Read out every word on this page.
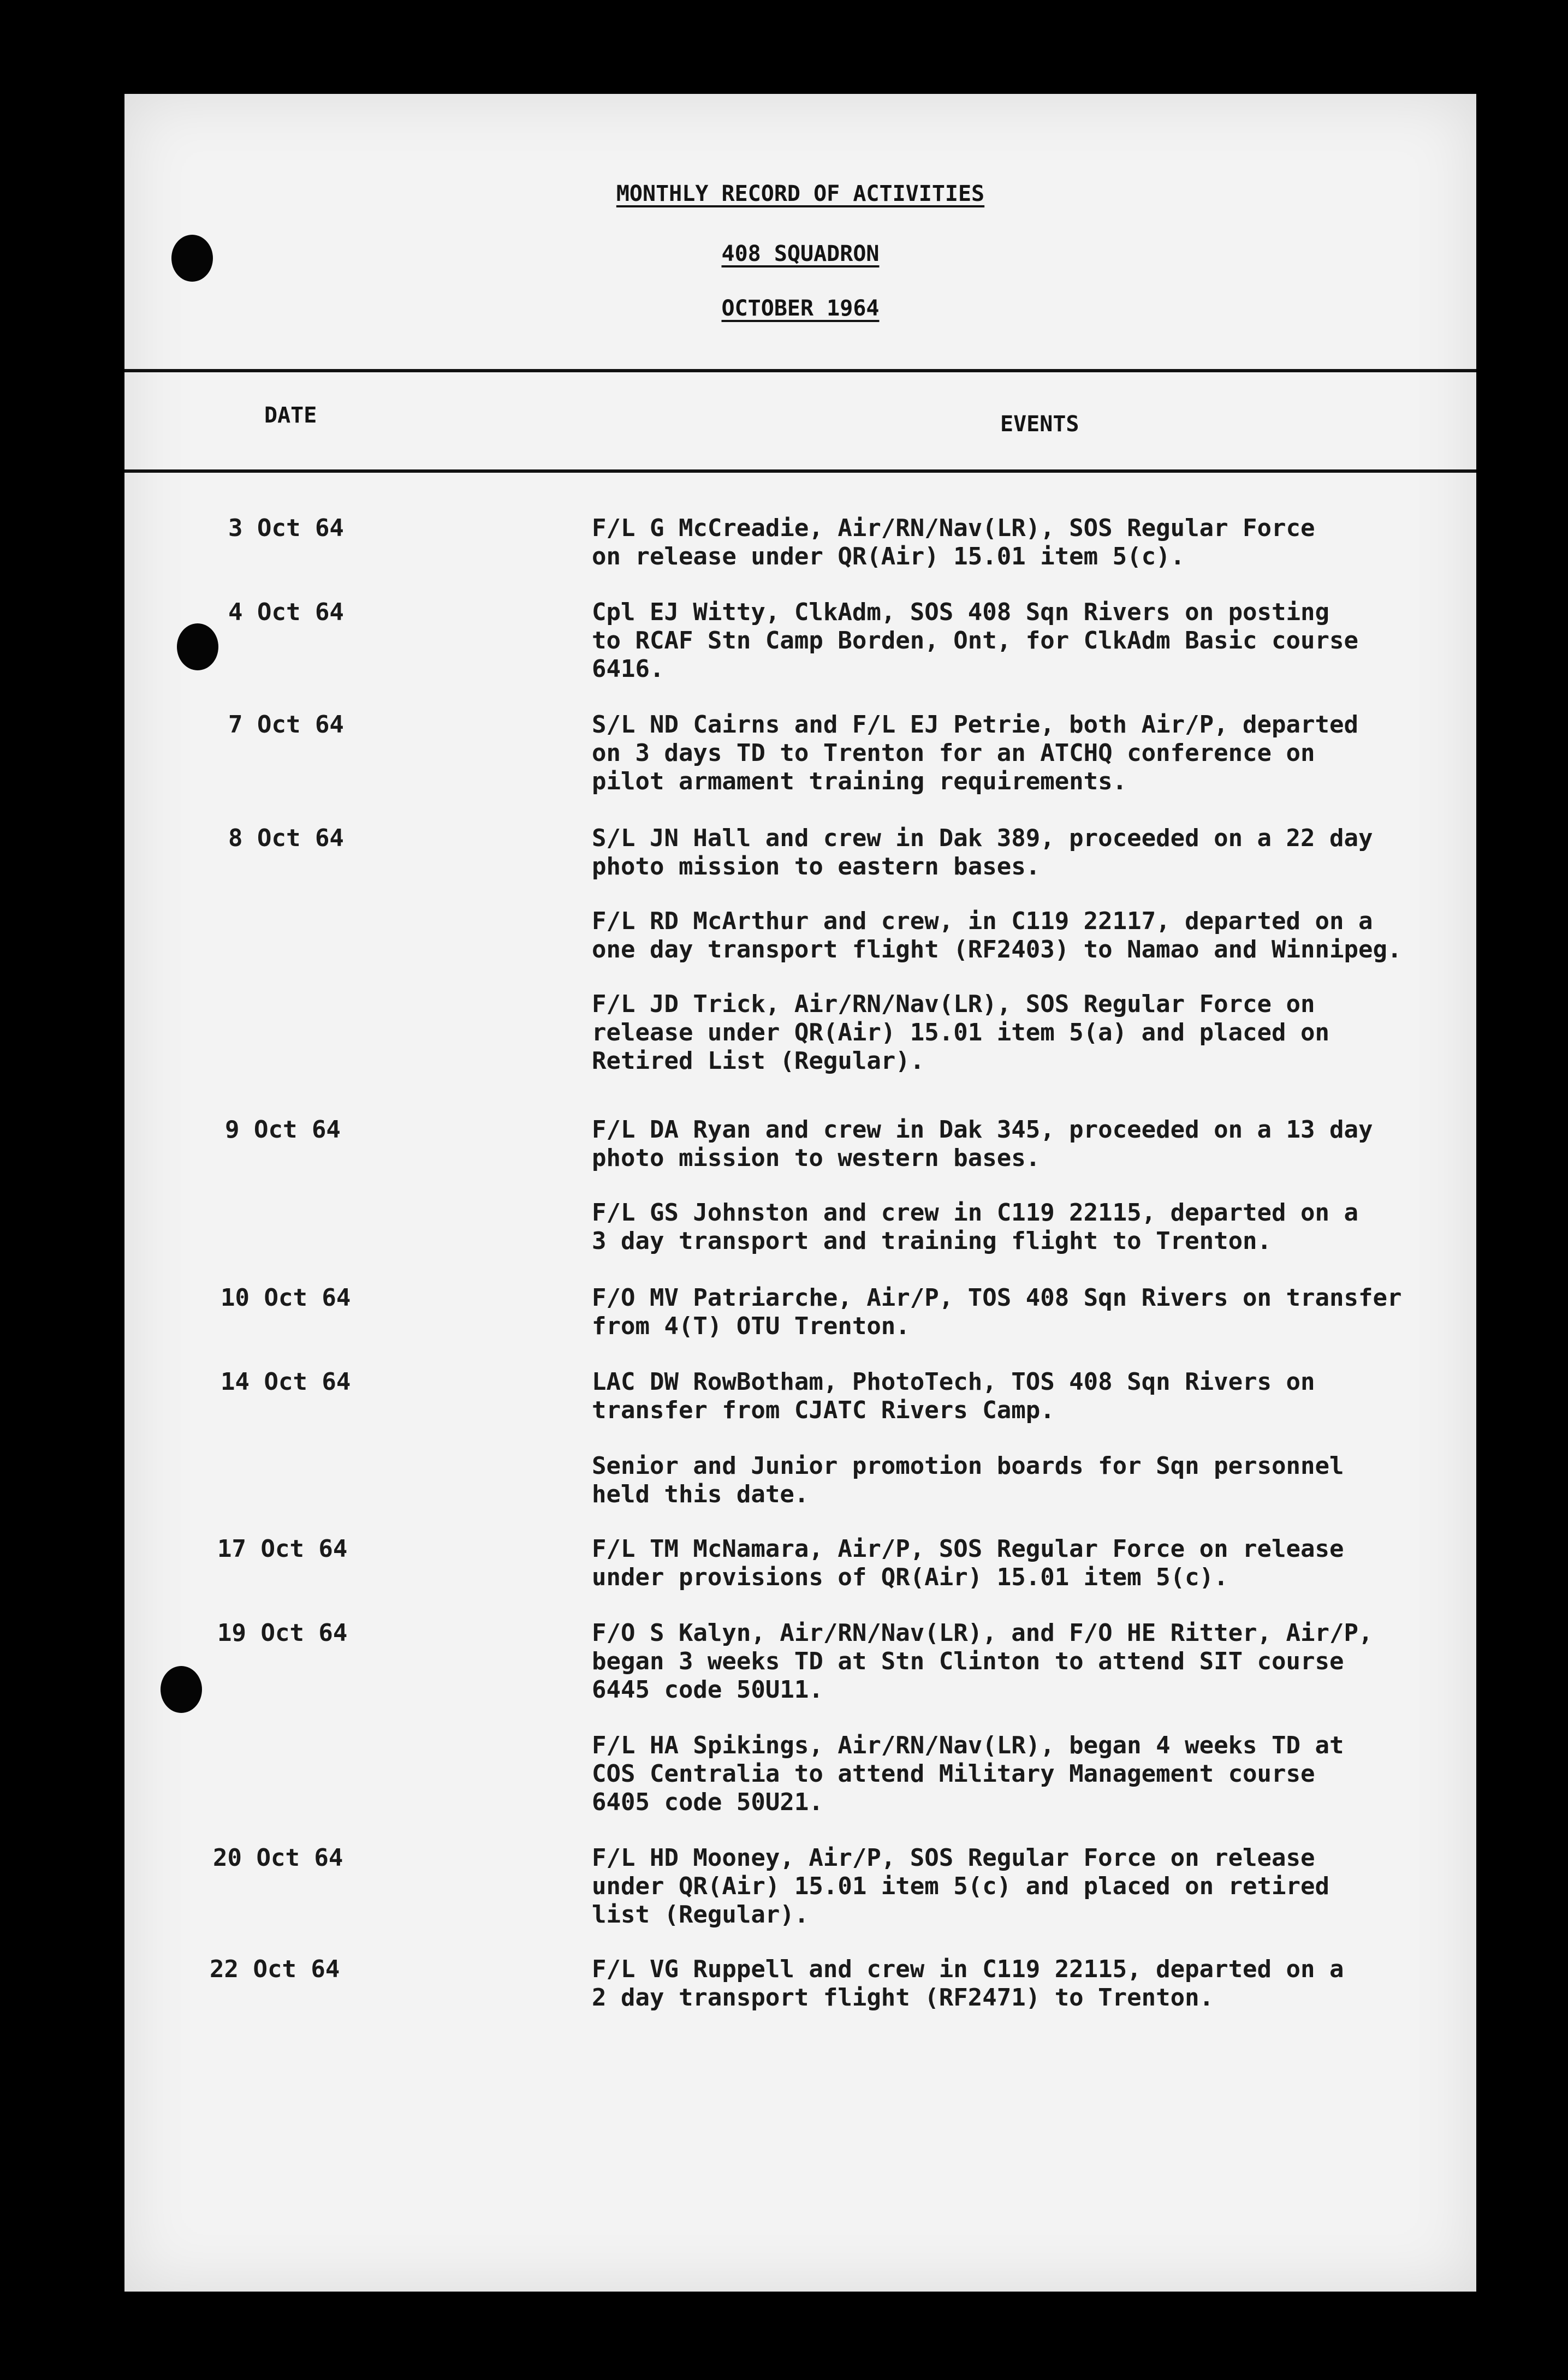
MONTHLY RECORD OF ACTIVITIES
408 SQUADRON
OCTOBER 1964
DATE	EVENTS
3 Oct 64	F/L G McCreadie, Air/RN/Nav(LR), SOS Regular Force
on release under QR(Air) 15.01 item 5(c).
4 Oct 64	Cpl EJ Witty, ClkAdm, SOS 408 Sqn Rivers on posting
to RCAF Stn Camp Borden, Ont, for ClkAdm Basic course
6416.
7 Oct 64	S/L ND Cairns and F/L EJ Petrie, both Air/P, departed
on 3 days TD to Trenton for an ATCHQ conference on
pilot armament training requirements.
8 Oct 64	S/L JN Hall and crew in Dak 389, proceeded on a 22 day
photo mission to eastern bases.
F/L RD McArthur and crew, in C119 22117, departed on a
one day transport flight (RF2403) to Namao and Winnipeg.
F/L JD Trick, Air/RN/Nav(LR), SOS Regular Force on
release under QR(Air) 15.01 item 5(a) and placed on
Retired List (Regular).
9 Oct 64	F/L DA Ryan and crew in Dak 345, proceeded on a 13 day
photo mission to western bases.
F/L GS Johnston and crew in C119 22115, departed on a
3 day transport and training flight to Trenton.
10 Oct 64	F/O MV Patriarche, Air/P, TOS 408 Sqn Rivers on transfer
from 4(T) OTU Trenton.
14 Oct 64	LAC DW RowBotham, PhotoTech, TOS 408 Sqn Rivers on
transfer from CJATC Rivers Camp.
Senior and Junior promotion boards for Sqn personnel
held this date.
17 Oct 64	F/L TM McNamara, Air/P, SOS Regular Force on release
under provisions of QR(Air) 15.01 item 5(c).
19 Oct 64	F/O S Kalyn, Air/RN/Nav(LR), and F/O HE Ritter, Air/P,
began 3 weeks TD at Stn Clinton to attend SIT course
6445 code 50U11.
F/L HA Spikings, Air/RN/Nav(LR), began 4 weeks TD at
COS Centralia to attend Military Management course
6405 code 50U21.
20 Oct 64	F/L HD Mooney, Air/P, SOS Regular Force on release
under QR(Air) 15.01 item 5(c) and placed on retired
list (Regular).
22 Oct 64	F/L VG Ruppell and crew in C119 22115, departed on a
2 day transport flight (RF2471) to Trenton.
